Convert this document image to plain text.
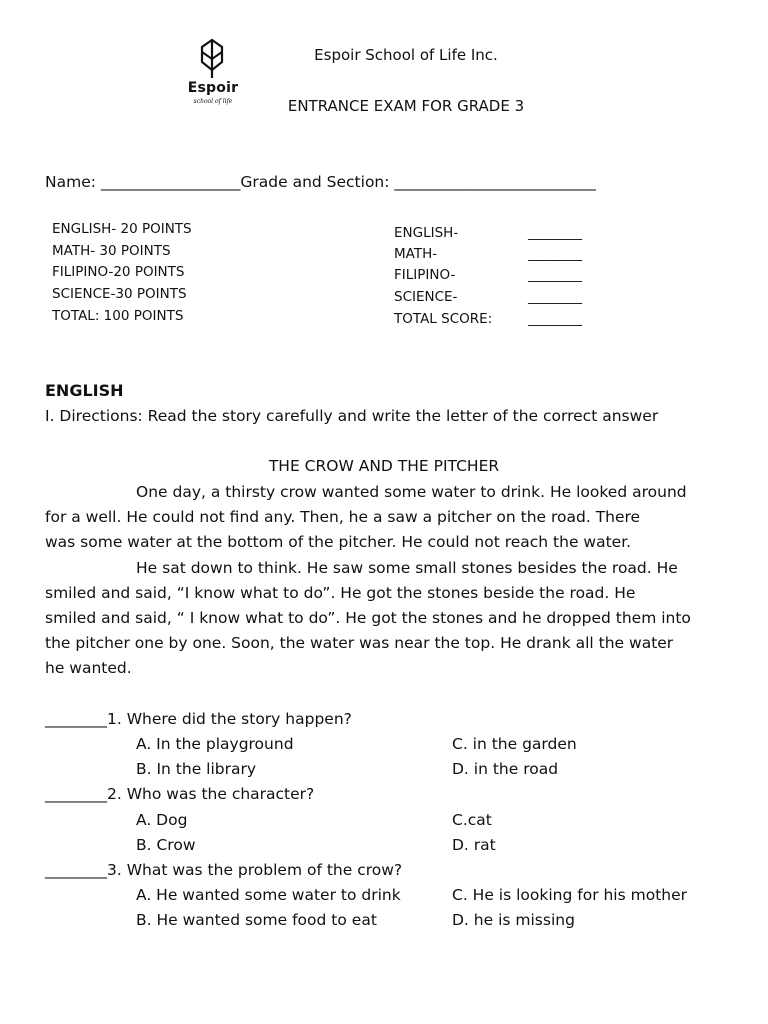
Espoir
school of life
Espoir School of Life Inc.
ENTRANCE EXAM FOR GRADE 3
Name: __________________Grade and Section: __________________________
ENGLISH- 20 POINTS
MATH- 30 POINTS
FILIPINO-20 POINTS
SCIENCE-30 POINTS
TOTAL: 100 POINTS
ENGLISH-	________
MATH-	________
FILIPINO-	________
SCIENCE-	________
TOTAL SCORE:	________
ENGLISH
I. Directions: Read the story carefully and write the letter of the correct answer
THE CROW AND THE PITCHER
One day, a thirsty crow wanted some water to drink. He looked around
for a well. He could not find any. Then, he a saw a pitcher on the road. There
was some water at the bottom of the pitcher. He could not reach the water.
He sat down to think. He saw some small stones besides the road. He
smiled and said, “I know what to do”. He got the stones beside the road. He
smiled and said, “ I know what to do”. He got the stones and he dropped them into
the pitcher one by one. Soon, the water was near the top. He drank all the water
he wanted.
________1. Where did the story happen?
A. In the playground	C. in the garden
B. In the library	D. in the road
________2. Who was the character?
A. Dog	C.cat
B. Crow	D. rat
________3. What was the problem of the crow?
A. He wanted some water to drink	C. He is looking for his mother
B. He wanted some food to eat	D. he is missing
